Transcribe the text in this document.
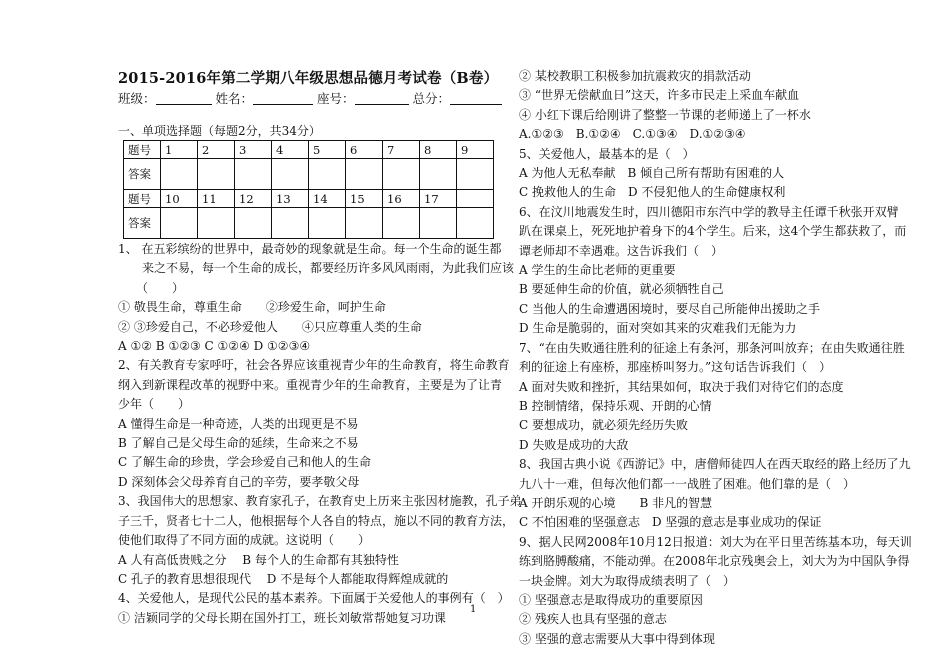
2015-2016年第二学期八年级思想品德月考试卷（B卷）
班级：	姓名：	座号：	总分：
一、单项选择题（每题2分，共34分）
题号	1	2	3	4	5	6	7	8	9
答案									
题号	10	11	12	13	14	15	16	17	
答案									

1、 在五彩缤纷的世界中，最奇妙的现象就是生命。每一个生命的诞生都

　　来之不易，每一个生命的成长，都要经历许多风风雨雨，为此我们应该

　　（　　）

① 敬畏生命，尊重生命　　②珍爱生命，呵护生命

② ③珍爱自己，不必珍爱他人　　④只应尊重人类的生命

A ①② B ①②③ C ①②④ D ①②③④

2、有关教育专家呼吁，社会各界应该重视青少年的生命教育，将生命教育

纲入到新课程改革的视野中来。重视青少年的生命教育，主要是为了让青

少年（　　）

A 懂得生命是一种奇迹，人类的出现更是不易

B 了解自己是父母生命的延续，生命来之不易

C 了解生命的珍贵，学会珍爱自己和他人的生命

D 深刻体会父母养育自己的辛劳，要孝敬父母

3、我国伟大的思想家、教育家孔子，在教育史上历来主张因材施教，孔子弟

子三千，贤者七十二人，他根据每个人各自的特点，施以不同的教育方法，

使他们取得了不同方面的成就。这说明（　　）

A 人有高低贵贱之分　 B 每个人的生命都有其独特性

C 孔子的教育思想很现代　 D 不是每个人都能取得辉煌成就的

4、关爱他人，是现代公民的基本素养。下面属于关爱他人的事例有（　）

① 洁颖同学的父母长期在国外打工，班长刘敏常帮她复习功课

② 某校教职工积极参加抗震救灾的捐款活动

③ “世界无偿献血日”这天，许多市民走上采血车献血

④ 小红下课后给刚讲了整整一节课的老师递上了一杯水

A.①②③　B.①②④　C.①③④　D.①②③④

5、关爱他人，最基本的是（　）

A 为他人无私奉献　B 倾自己所有帮助有困难的人

C 挽救他人的生命　D 不侵犯他人的生命健康权利

6、在汶川地震发生时，四川德阳市东汽中学的教导主任谭千秋张开双臂

趴在课桌上，死死地护着身下的4个学生。后来，这4个学生都获救了，而

谭老师却不幸遇难。这告诉我们（　）

A 学生的生命比老师的更重要

B 要延伸生命的价值，就必须牺牲自己

C 当他人的生命遭遇困境时，要尽自己所能伸出援助之手

D 生命是脆弱的，面对突如其来的灾难我们无能为力

7、“在由失败通往胜利的征途上有条河，那条河叫放弃；在由失败通往胜

利的征途上有座桥，那座桥叫努力。”这句话告诉我们（　）

A 面对失败和挫折，其结果如何，取决于我们对待它们的态度

B 控制情绪，保持乐观、开朗的心情

C 要想成功，就必须先经历失败

D 失败是成功的大敌

8、我国古典小说《西游记》中，唐僧师徒四人在西天取经的路上经历了九

九八十一难，但每次他们都一一战胜了困难。他们靠的是（　）

A 开朗乐观的心境　　B 非凡的智慧

C 不怕困难的坚强意志　D 坚强的意志是事业成功的保证

9、据人民网2008年10月12日报道：刘大为在平日里苦练基本功，每天训

练到胳膊酸痛，不能动弹。在2008年北京残奥会上，刘大为为中国队争得

一块金牌。刘大为取得成绩表明了（　）

① 坚强意志是取得成功的重要原因

② 残疾人也具有坚强的意志

③ 坚强的意志需要从大事中得到体现

1
